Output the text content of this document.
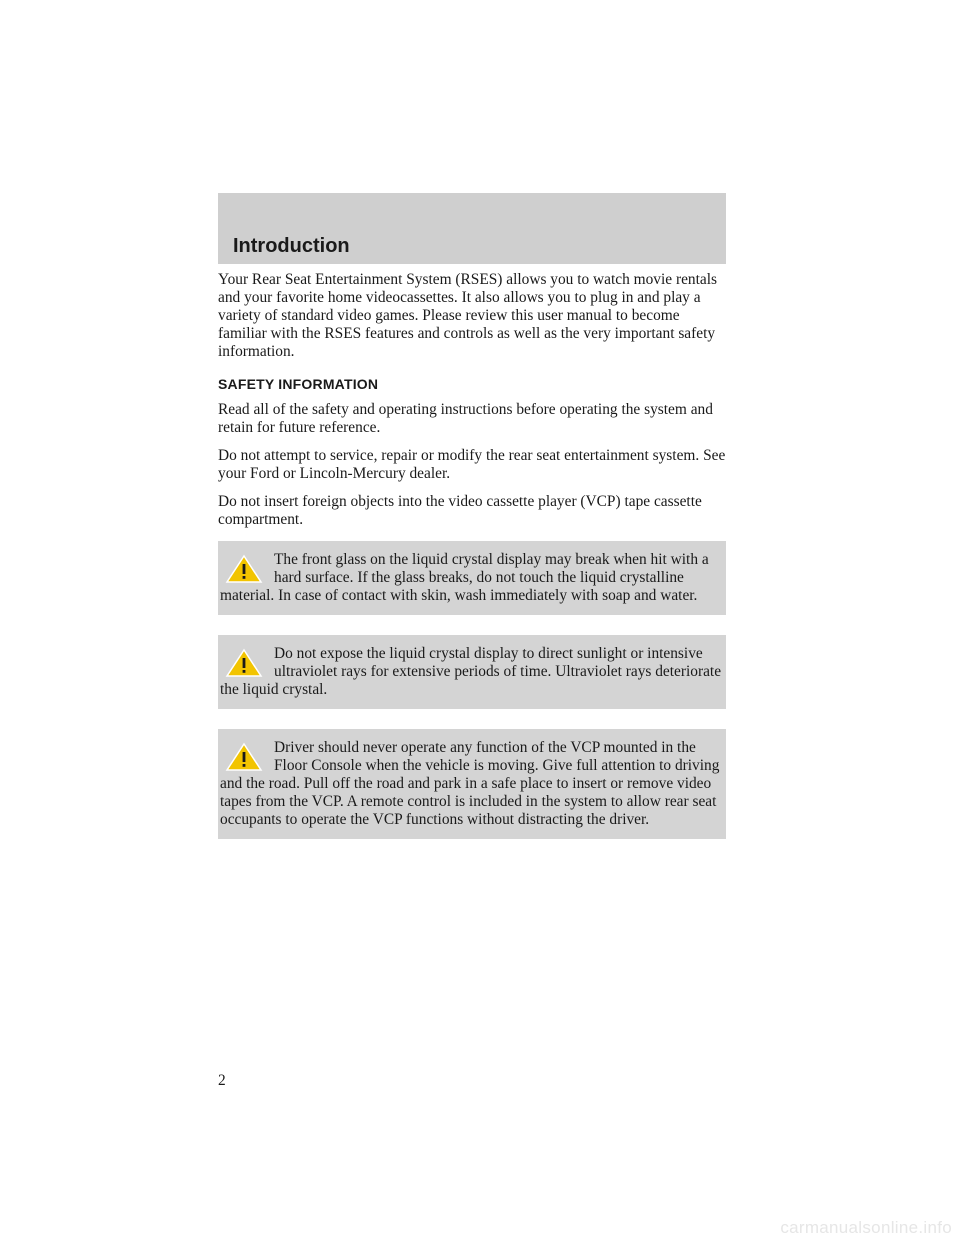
Introduction

Your Rear Seat Entertainment System (RSES) allows you to watch movie rentals and your favorite home videocassettes. It also allows you to plug in and play a variety of standard video games. Please review this user manual to become familiar with the RSES features and controls as well as the very important safety information.

SAFETY INFORMATION

Read all of the safety and operating instructions before operating the system and retain for future reference.

Do not attempt to service, repair or modify the rear seat entertainment system. See your Ford or Lincoln-Mercury dealer.

Do not insert foreign objects into the video cassette player (VCP) tape cassette compartment.

The front glass on the liquid crystal display may break when hit with a hard surface. If the glass breaks, do not touch the liquid crystalline material. In case of contact with skin, wash immediately with soap and water.

Do not expose the liquid crystal display to direct sunlight or intensive ultraviolet rays for extensive periods of time. Ultraviolet rays deteriorate the liquid crystal.

Driver should never operate any function of the VCP mounted in the Floor Console when the vehicle is moving. Give full attention to driving and the road. Pull off the road and park in a safe place to insert or remove video tapes from the VCP. A remote control is included in the system to allow rear seat occupants to operate the VCP functions without distracting the driver.

2
carmanualsonline.info
